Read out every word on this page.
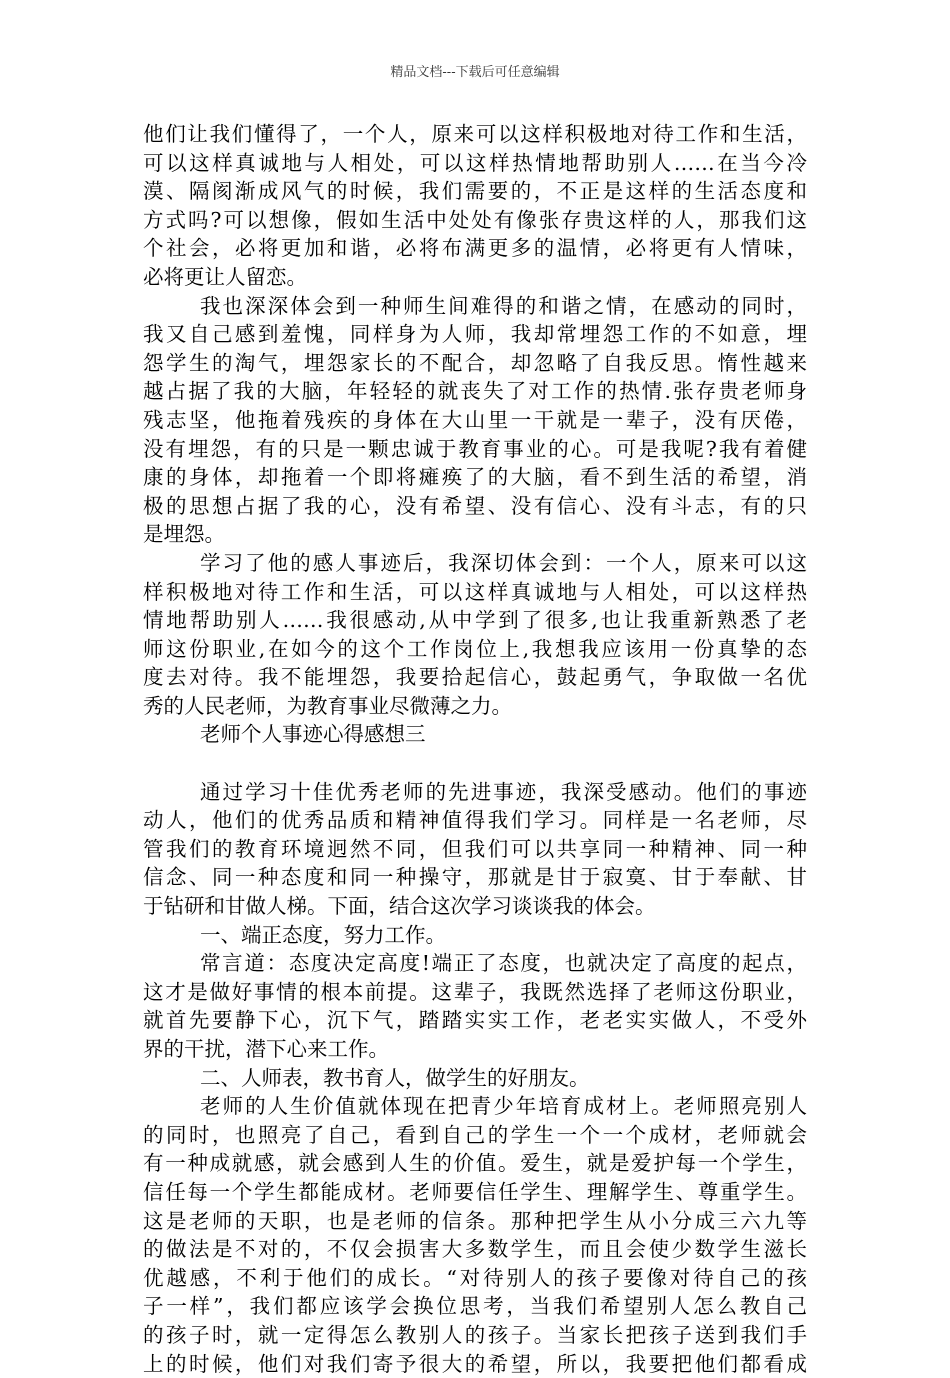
精品文档---下载后可任意编辑
他们让我们懂得了，一个人，原来可以这样积极地对待工作和生活，
可以这样真诚地与人相处，可以这样热情地帮助别人……在当今冷
漠、隔阂渐成风气的时候，我们需要的，不正是这样的生活态度和
方式吗?可以想像，假如生活中处处有像张存贵这样的人，那我们这
个社会，必将更加和谐，必将布满更多的温情，必将更有人情味，
必将更让人留恋。
我也深深体会到一种师生间难得的和谐之情，在感动的同时，
我又自己感到羞愧，同样身为人师，我却常埋怨工作的不如意，埋
怨学生的淘气，埋怨家长的不配合，却忽略了自我反思。惰性越来
越占据了我的大脑，年轻轻的就丧失了对工作的热情.张存贵老师身
残志坚，他拖着残疾的身体在大山里一干就是一辈子，没有厌倦，
没有埋怨，有的只是一颗忠诚于教育事业的心。可是我呢?我有着健
康的身体，却拖着一个即将瘫痪了的大脑，看不到生活的希望，消
极的思想占据了我的心，没有希望、没有信心、没有斗志，有的只
是埋怨。
学习了他的感人事迹后，我深切体会到：一个人，原来可以这
样积极地对待工作和生活，可以这样真诚地与人相处，可以这样热
情地帮助别人……我很感动,从中学到了很多,也让我重新熟悉了老
师这份职业,在如今的这个工作岗位上,我想我应该用一份真挚的态
度去对待。我不能埋怨，我要拾起信心，鼓起勇气，争取做一名优
秀的人民老师，为教育事业尽微薄之力。
老师个人事迹心得感想三
通过学习十佳优秀老师的先进事迹，我深受感动。他们的事迹
动人，他们的优秀品质和精神值得我们学习。同样是一名老师，尽
管我们的教育环境迥然不同，但我们可以共享同一种精神、同一种
信念、同一种态度和同一种操守，那就是甘于寂寞、甘于奉献、甘
于钻研和甘做人梯。下面，结合这次学习谈谈我的体会。
一、端正态度，努力工作。
常言道：态度决定高度!端正了态度，也就决定了高度的起点，
这才是做好事情的根本前提。这辈子，我既然选择了老师这份职业，
就首先要静下心，沉下气，踏踏实实工作，老老实实做人，不受外
界的干扰，潜下心来工作。
二、人师表，教书育人，做学生的好朋友。
老师的人生价值就体现在把青少年培育成材上。老师照亮别人
的同时，也照亮了自己，看到自己的学生一个一个成材，老师就会
有一种成就感，就会感到人生的价值。爱生，就是爱护每一个学生，
信任每一个学生都能成材。老师要信任学生、理解学生、尊重学生。
这是老师的天职，也是老师的信条。那种把学生从小分成三六九等
的做法是不对的，不仅会损害大多数学生，而且会使少数学生滋长
优越感，不利于他们的成长。“对待别人的孩子要像对待自己的孩
子一样”，我们都应该学会换位思考，当我们希望别人怎么教自己
的孩子时，就一定得怎么教别人的孩子。当家长把孩子送到我们手
上的时候，他们对我们寄予很大的希望，所以，我要把他们都看成
